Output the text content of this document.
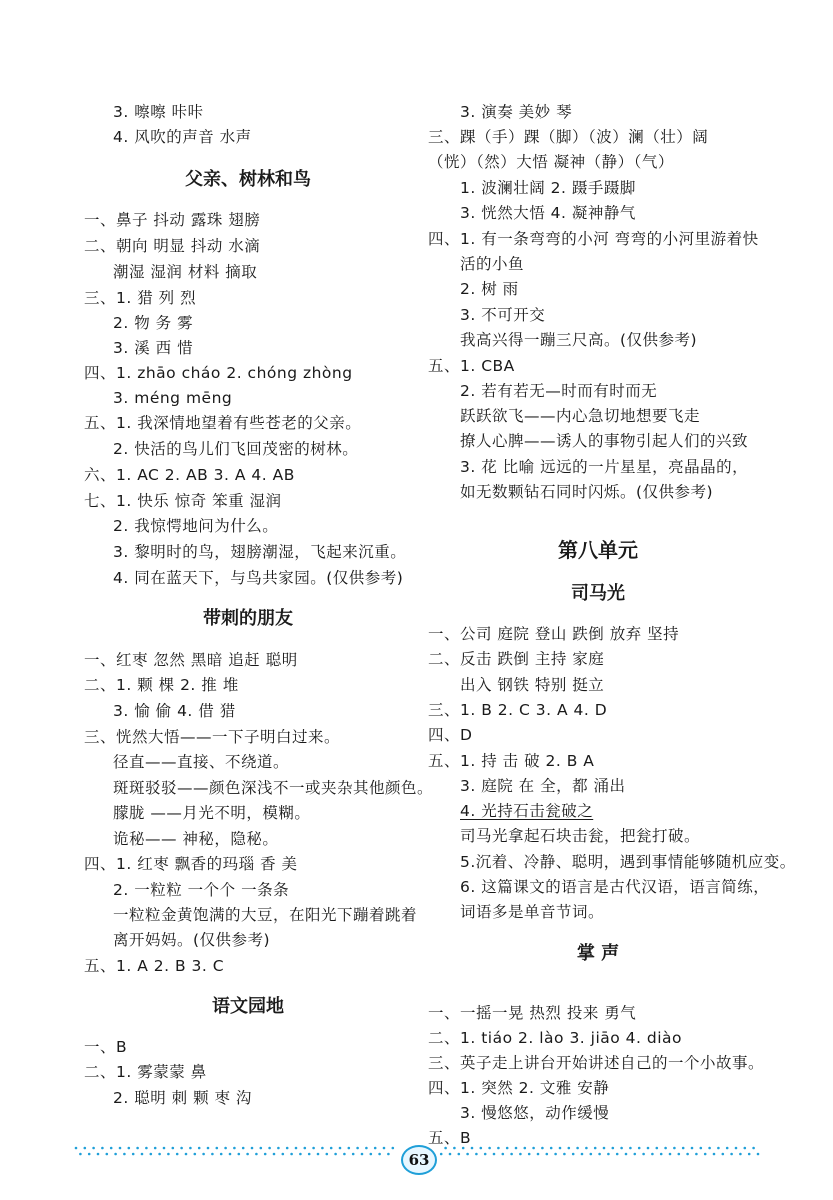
3. 嚓嚓 咔咔
4. 风吹的声音 水声
父亲、树林和鸟
一、鼻子 抖动 露珠 翅膀
二、朝向 明显 抖动 水滴
潮湿 湿润 材料 摘取
三、1. 猎 列 烈
2. 物 务 雾
3. 溪 西 惜
四、1. zhāo cháo 2. chóng zhòng
3. méng mēng
五、1. 我深情地望着有些苍老的父亲。
2. 快活的鸟儿们飞回茂密的树林。
六、1. AC 2. AB 3. A 4. AB
七、1. 快乐 惊奇 笨重 湿润
2. 我惊愕地问为什么。
3. 黎明时的鸟，翅膀潮湿，飞起来沉重。
4. 同在蓝天下，与鸟共家园。(仅供参考)
带刺的朋友
一、红枣 忽然 黑暗 追赶 聪明
二、1. 颗 棵 2. 推 堆
3. 愉 偷 4. 借 猎
三、恍然大悟——一下子明白过来。
径直——直接、不绕道。
斑斑驳驳——颜色深浅不一或夹杂其他颜色。
朦胧 ——月光不明，模糊。
诡秘—— 神秘，隐秘。
四、1. 红枣 飘香的玛瑙 香 美
2. 一粒粒 一个个 一条条
一粒粒金黄饱满的大豆，在阳光下蹦着跳着
离开妈妈。(仅供参考)
五、1. A 2. B 3. C
语文园地
一、B
二、1. 雾蒙蒙 鼻
2. 聪明 刺 颗 枣 沟
3. 演奏 美妙 琴
三、踝（手）踝（脚）（波）澜（壮）阔
（恍）（然）大悟 凝神（静）（气）
1. 波澜壮阔 2. 蹑手蹑脚
3. 恍然大悟 4. 凝神静气
四、1. 有一条弯弯的小河 弯弯的小河里游着快
活的小鱼
2. 树 雨
3. 不可开交
我高兴得一蹦三尺高。(仅供参考)
五、1. CBA
2. 若有若无—时而有时而无
跃跃欲飞——内心急切地想要飞走
撩人心脾——诱人的事物引起人们的兴致
3. 花 比喻 远远的一片星星，亮晶晶的，
如无数颗钻石同时闪烁。(仅供参考)
第八单元
司马光
一、公司 庭院 登山 跌倒 放弃 坚持
二、反击 跌倒 主持 家庭
出入 钢铁 特别 挺立
三、1. B 2. C 3. A 4. D
四、D
五、1. 持 击 破 2. B A
3. 庭院 在 全，都 涌出
4. 光持石击瓮破之
司马光拿起石块击瓮，把瓮打破。
5.沉着、冷静、聪明，遇到事情能够随机应变。
6. 这篇课文的语言是古代汉语，语言简练，
词语多是单音节词。
掌 声
一、一摇一晃 热烈 投来 勇气
二、1. tiáo 2. lào 3. jiāo 4. diào
三、英子走上讲台开始讲述自己的一个小故事。
四、1. 突然 2. 文雅 安静
3. 慢悠悠，动作缓慢
五、B
63
